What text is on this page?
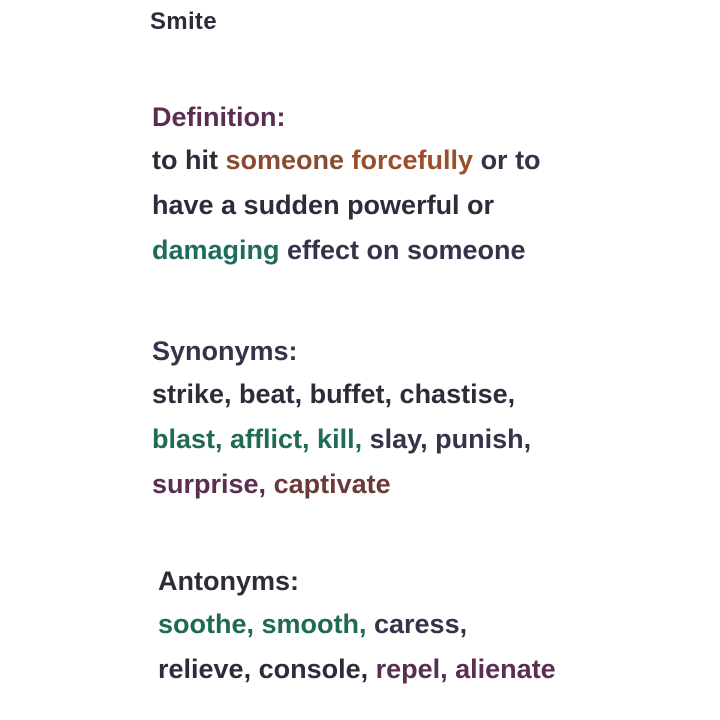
Smite
Definition:
to hit someone forcefully or to
have a sudden powerful or
damaging effect on someone
Synonyms:
strike, beat, buffet, chastise,
blast, afflict, kill, slay, punish,
surprise, captivate
Antonyms:
soothe, smooth, caress,
relieve, console, repel, alienate
